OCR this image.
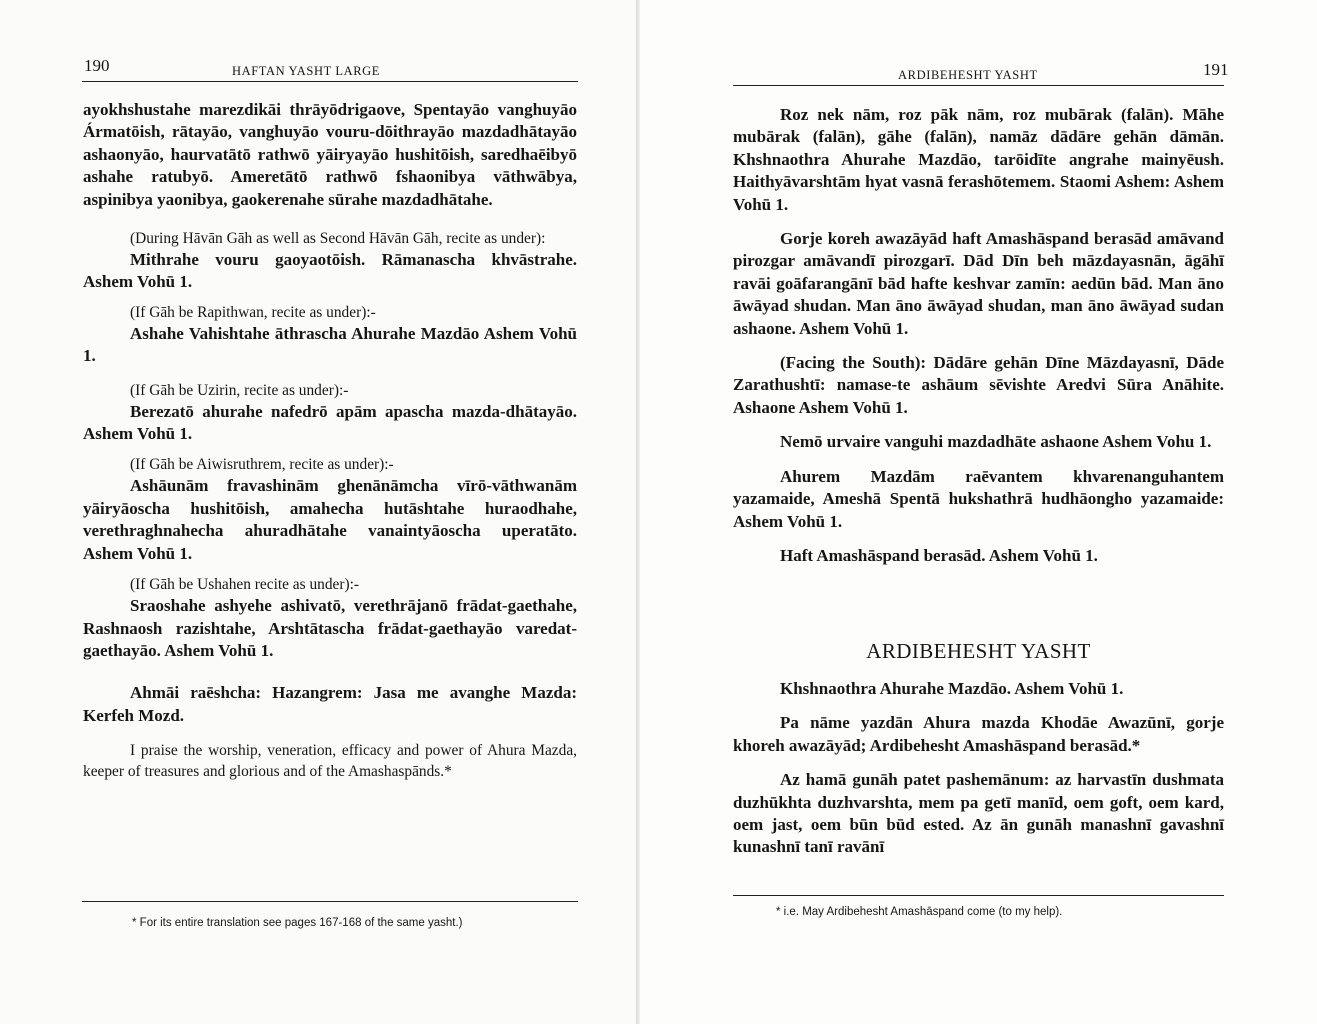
190	HAFTAN YASHT LARGE

ayokhshustahe marezdikāi thrāyōdrigaove, Spentayāo vanghuyāo Ármatōish, rātayāo, vanghuyāo vouru-dōithrayāo mazdadhātayāo ashaonyāo, haurvatātō rathwō yāiryayāo hushitōish, saredhaēibyō ashahe ratubyō. Ameretātō rathwō fshaonibya vāthwābya, aspinibya yaonibya, gaokerenahe sūrahe mazdadhātahe.

(During Hāvān Gāh as well as Second Hāvān Gāh, recite as under):

Mithrahe vouru gaoyaotōish. Rāmanascha khvāstrahe. Ashem Vohū 1.

(If Gāh be Rapithwan, recite as under):-

Ashahe Vahishtahe āthrascha Ahurahe Mazdāo Ashem Vohū 1.

(If Gāh be Uzirin, recite as under):-

Berezatō ahurahe nafedrō apām apascha mazda-dhātayāo. Ashem Vohū 1.

(If Gāh be Aiwisruthrem, recite as under):-

Ashāunām fravashinām ghenānāmcha vīrō-vāthwanām yāiryāoscha hushitōish, amahecha hutāshtahe huraodhahe, verethraghnahecha ahuradhātahe vanaintyāoscha uperatāto. Ashem Vohū 1.

(If Gāh be Ushahen recite as under):-

Sraoshahe ashyehe ashivatō, verethrājanō frādat-gaethahe, Rashnaosh razishtahe, Arshtātascha frādat-gaethayāo varedat-gaethayāo. Ashem Vohū 1.

Ahmāi raēshcha: Hazangrem: Jasa me avanghe Mazda: Kerfeh Mozd.

I praise the worship, veneration, efficacy and power of Ahura Mazda, keeper of treasures and glorious and of the Amashaspānds.*

* For its entire translation see pages 167-168 of the same yasht.)
ARDIBEHESHT YASHT	191

Roz nek nām, roz pāk nām, roz mubārak (falān). Māhe mubārak (falān), gāhe (falān), namāz dādāre gehān dāmān. Khshnaothra Ahurahe Mazdāo, tarōidīte angrahe mainyēush. Haithyāvarshtām hyat vasnā ferashōtemem. Staomi Ashem: Ashem Vohū 1.

Gorje koreh awazāyād haft Amashāspand berasād amāvand pirozgar amāvandī pirozgarī. Dād Dīn beh māzdayasnān, āgāhī ravāi goāfarangānī bād hafte keshvar zamīn: aedūn bād. Man āno āwāyad shudan. Man āno āwāyad shudan, man āno āwāyad sudan ashaone. Ashem Vohū 1.

(Facing the South): Dādāre gehān Dīne Māzdayasnī, Dāde Zarathushtī: namase-te ashāum sēvishte Aredvi Sūra Anāhite. Ashaone Ashem Vohū 1.

Nemō urvaire vanguhi mazdadhāte ashaone Ashem Vohu 1.

Ahurem Mazdām raēvantem khvarenanguhantem yazamaide, Ameshā Spentā hukshathrā hudhāongho yazamaide: Ashem Vohū 1.

Haft Amashāspand berasād. Ashem Vohū 1.

ARDIBEHESHT YASHT

Khshnaothra Ahurahe Mazdāo. Ashem Vohū 1.

Pa nāme yazdān Ahura mazda Khodāe Awazūnī, gorje khoreh awazāyād; Ardibehesht Amashāspand berasād.*

Az hamā gunāh patet pashemānum: az harvastīn dushmata duzhūkhta duzhvarshta, mem pa getī manīd, oem goft, oem kard, oem jast, oem būn būd ested. Az ān gunāh manashnī gavashnī kunashnī tanī ravānī

* i.e. May Ardibehesht Amashāspand come (to my help).
